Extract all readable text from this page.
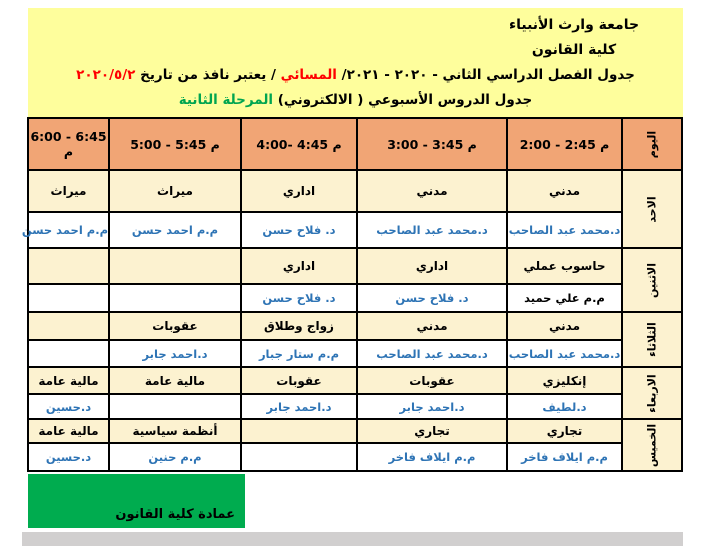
جامعة وارث الأنبياء
كلية القانون
جدول الفصل الدراسي الثاني - ٢٠٢٠ - ٢٠٢١/ المسائي / يعتبر نافذ من تاريخ ٢٠٢٠/٥/٢
جدول الدروس الأسبوعي ( الالكتروني) المرحلة الثانية
اليوم	2:00 - 2:45 م	3:00 - 3:45 م	4:00- 4:45 م	5:00 - 5:45 م	6:00 - 6:45 م

الاحد	مدني	مدني	اداري	ميراث	ميراث
	د.محمد عبد الصاحب	د.محمد عبد الصاحب	د. فلاح حسن	م.م احمد حسن	م.م احمد حسن

الاثنين	حاسوب عملي	اداري	اداري		
	م.م علي حميد	د. فلاح حسن	د. فلاح حسن		

الثلاثاء	مدني	مدني	زواج وطلاق	عقوبات	
	د.محمد عبد الصاحب	د.محمد عبد الصاحب	م.م ستار جبار	د.احمد جابر	

الاربعاء	إنكليزي	عقوبات	عقوبات	مالية عامة	مالية عامة
	د.لطيف	د.احمد جابر	د.احمد جابر		د.حسين

الخميس	تجاري	تجاري		أنظمة سياسية	مالية عامة
	م.م ايلاف فاخر	م.م ايلاف فاخر		م.م حنين	د.حسين
عمادة كلية القانون
